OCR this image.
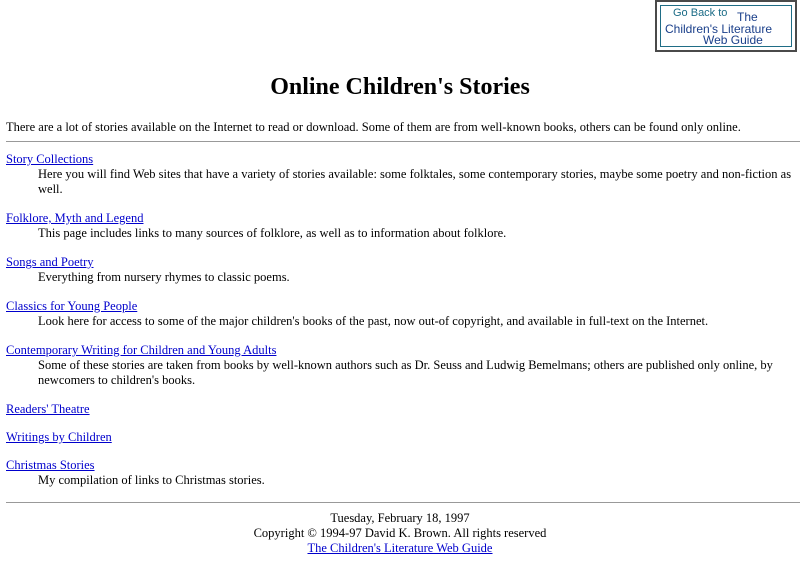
Go Back to The
Children's Literature
Web Guide
Online Children's Stories
There are a lot of stories available on the Internet to read or download. Some of them are from well-known books, others can be found only online.
Story Collections
Here you will find Web sites that have a variety of stories available: some folktales, some contemporary stories, maybe some poetry and non-fiction as well.
Folklore, Myth and Legend
This page includes links to many sources of folklore, as well as to information about folklore.
Songs and Poetry
Everything from nursery rhymes to classic poems.
Classics for Young People
Look here for access to some of the major children's books of the past, now out-of copyright, and available in full-text on the Internet.
Contemporary Writing for Children and Young Adults
Some of these stories are taken from books by well-known authors such as Dr. Seuss and Ludwig Bemelmans; others are published only online, by newcomers to children's books.
Readers' Theatre
Writings by Children
Christmas Stories
My compilation of links to Christmas stories.
Tuesday, February 18, 1997
Copyright © 1994-97 David K. Brown. All rights reserved
The Children's Literature Web Guide
